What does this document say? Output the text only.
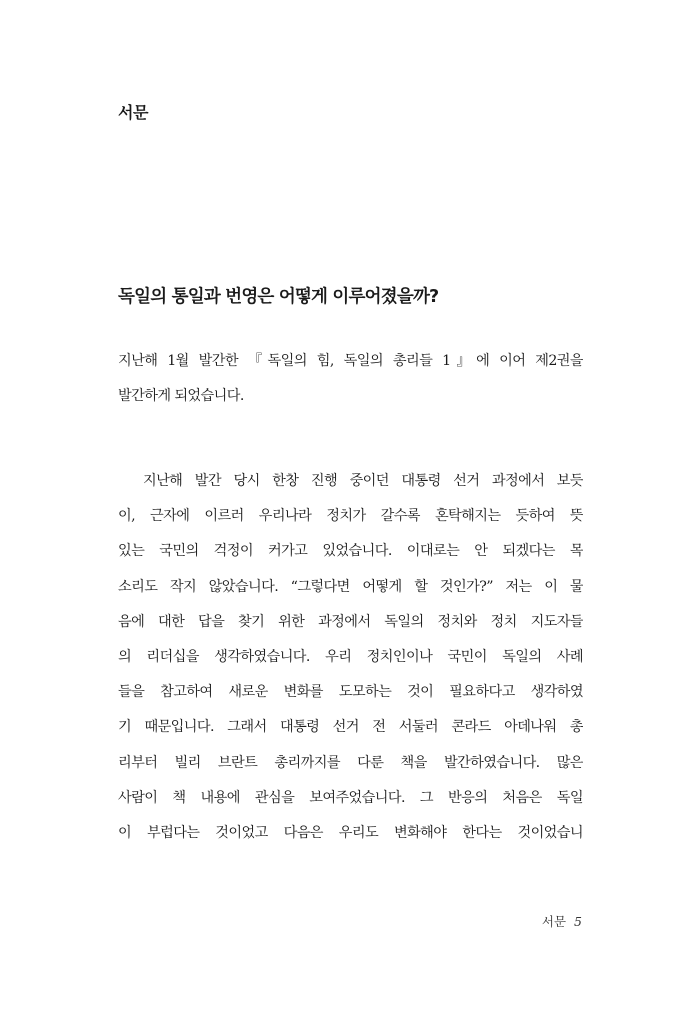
서문
독일의 통일과 번영은 어떻게 이루어졌을까?
지난해 1월 발간한 『독일의 힘, 독일의 총리들 1』에 이어 제2권을
발간하게 되었습니다.
지난해 발간 당시 한창 진행 중이던 대통령 선거 과정에서 보듯
이, 근자에 이르러 우리나라 정치가 갈수록 혼탁해지는 듯하여 뜻
있는 국민의 걱정이 커가고 있었습니다. 이대로는 안 되겠다는 목
소리도 작지 않았습니다. “그렇다면 어떻게 할 것인가?” 저는 이 물
음에 대한 답을 찾기 위한 과정에서 독일의 정치와 정치 지도자들
의 리더십을 생각하였습니다. 우리 정치인이나 국민이 독일의 사례
들을 참고하여 새로운 변화를 도모하는 것이 필요하다고 생각하였
기 때문입니다. 그래서 대통령 선거 전 서둘러 콘라드 아데나워 총
리부터 빌리 브란트 총리까지를 다룬 책을 발간하였습니다. 많은
사람이 책 내용에 관심을 보여주었습니다. 그 반응의 처음은 독일
이 부럽다는 것이었고 다음은 우리도 변화해야 한다는 것이었습니
서문 5
